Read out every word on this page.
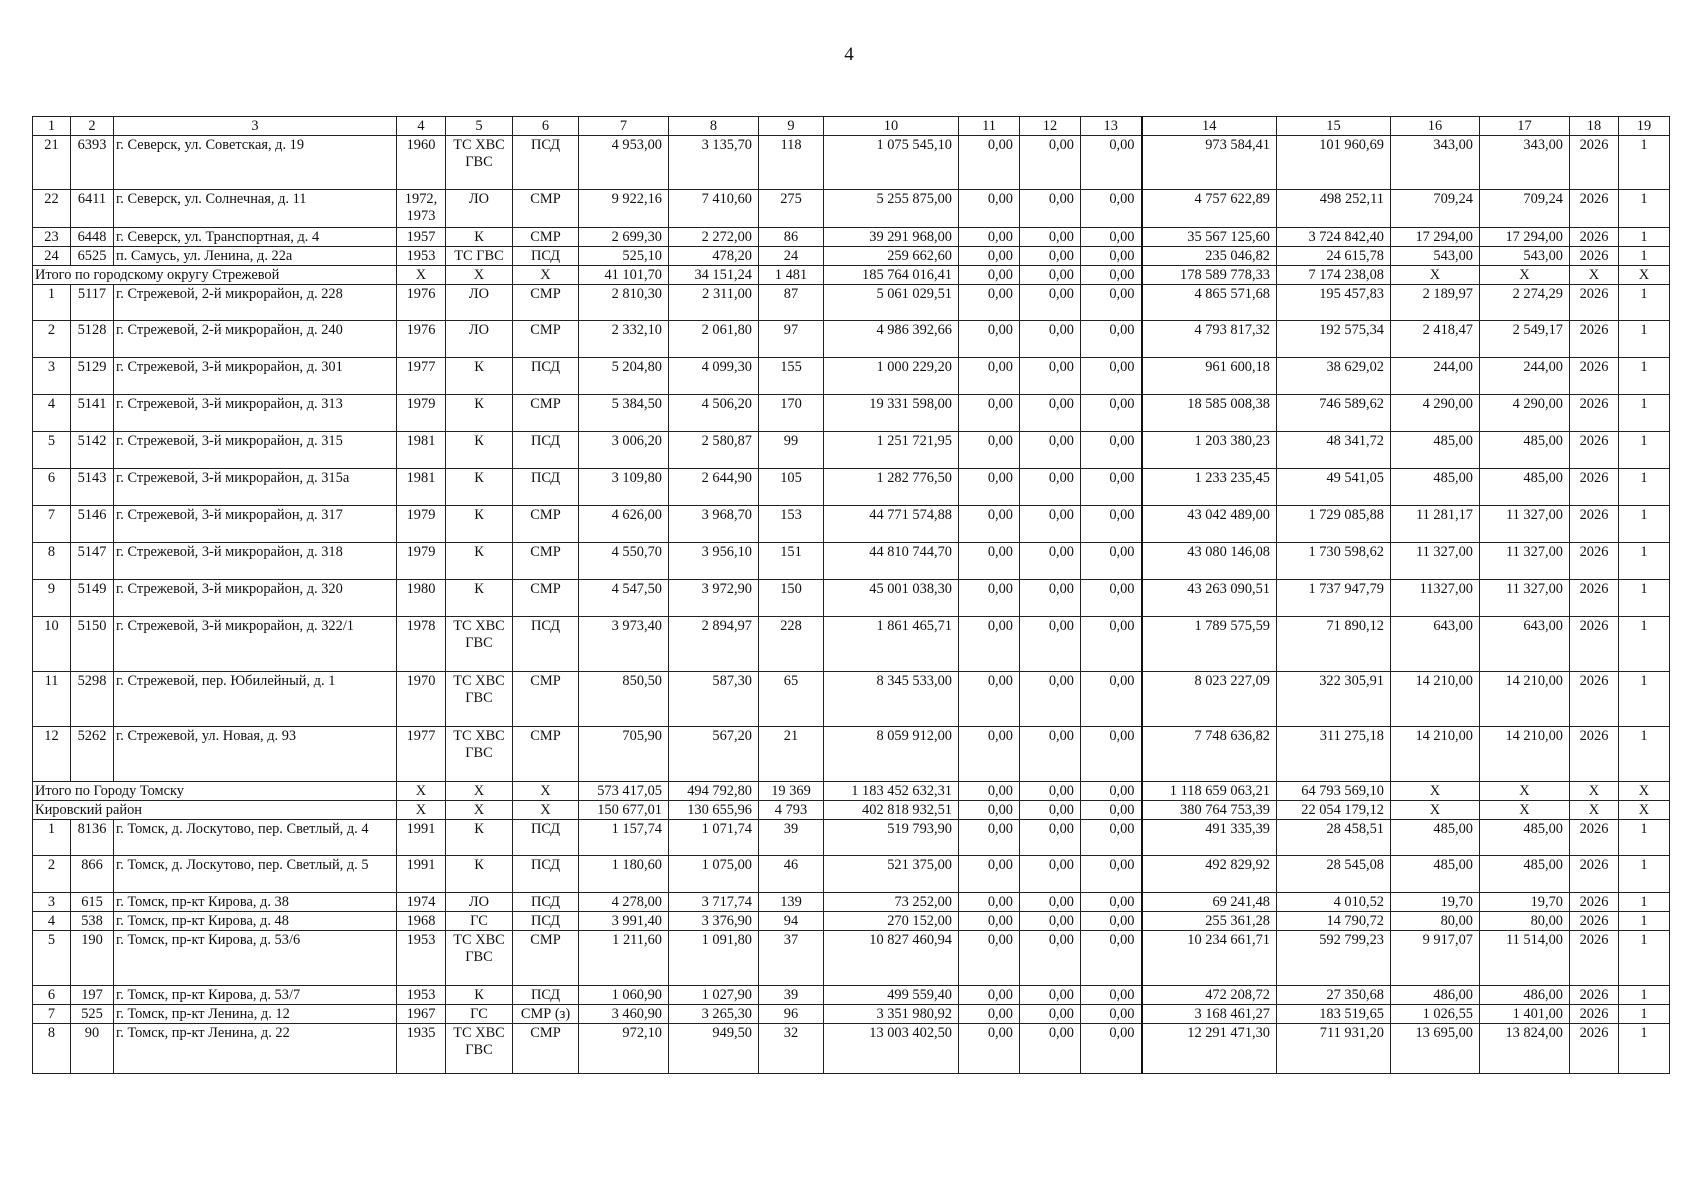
4
1	2	3	4	5	6	7	8	9	10	11	12	13	14	15	16	17	18	19
21	6393	г. Северск, ул. Советская, д. 19	1960	ТС ХВС ГВС	ПСД	4 953,00	3 135,70	118	1 075 545,10	0,00	0,00	0,00	973 584,41	101 960,69	343,00	343,00	2026	1
22	6411	г. Северск, ул. Солнечная, д. 11	1972, 1973	ЛО	СМР	9 922,16	7 410,60	275	5 255 875,00	0,00	0,00	0,00	4 757 622,89	498 252,11	709,24	709,24	2026	1
23	6448	г. Северск, ул. Транспортная, д. 4	1957	К	СМР	2 699,30	2 272,00	86	39 291 968,00	0,00	0,00	0,00	35 567 125,60	3 724 842,40	17 294,00	17 294,00	2026	1
24	6525	п. Самусь, ул. Ленина, д. 22а	1953	ТС ГВС	ПСД	525,10	478,20	24	259 662,60	0,00	0,00	0,00	235 046,82	24 615,78	543,00	543,00	2026	1
Итого по городскому округу Стрежевой			Х	Х	Х	41 101,70	34 151,24	1 481	185 764 016,41	0,00	0,00	0,00	178 589 778,33	7 174 238,08	Х	Х	Х	Х
1	5117	г. Стрежевой, 2-й микрорайон, д. 228	1976	ЛО	СМР	2 810,30	2 311,00	87	5 061 029,51	0,00	0,00	0,00	4 865 571,68	195 457,83	2 189,97	2 274,29	2026	1
2	5128	г. Стрежевой, 2-й микрорайон, д. 240	1976	ЛО	СМР	2 332,10	2 061,80	97	4 986 392,66	0,00	0,00	0,00	4 793 817,32	192 575,34	2 418,47	2 549,17	2026	1
3	5129	г. Стрежевой, 3-й микрорайон, д. 301	1977	К	ПСД	5 204,80	4 099,30	155	1 000 229,20	0,00	0,00	0,00	961 600,18	38 629,02	244,00	244,00	2026	1
4	5141	г. Стрежевой, 3-й микрорайон, д. 313	1979	К	СМР	5 384,50	4 506,20	170	19 331 598,00	0,00	0,00	0,00	18 585 008,38	746 589,62	4 290,00	4 290,00	2026	1
5	5142	г. Стрежевой, 3-й микрорайон, д. 315	1981	К	ПСД	3 006,20	2 580,87	99	1 251 721,95	0,00	0,00	0,00	1 203 380,23	48 341,72	485,00	485,00	2026	1
6	5143	г. Стрежевой, 3-й микрорайон, д. 315а	1981	К	ПСД	3 109,80	2 644,90	105	1 282 776,50	0,00	0,00	0,00	1 233 235,45	49 541,05	485,00	485,00	2026	1
7	5146	г. Стрежевой, 3-й микрорайон, д. 317	1979	К	СМР	4 626,00	3 968,70	153	44 771 574,88	0,00	0,00	0,00	43 042 489,00	1 729 085,88	11 281,17	11 327,00	2026	1
8	5147	г. Стрежевой, 3-й микрорайон, д. 318	1979	К	СМР	4 550,70	3 956,10	151	44 810 744,70	0,00	0,00	0,00	43 080 146,08	1 730 598,62	11 327,00	11 327,00	2026	1
9	5149	г. Стрежевой, 3-й микрорайон, д. 320	1980	К	СМР	4 547,50	3 972,90	150	45 001 038,30	0,00	0,00	0,00	43 263 090,51	1 737 947,79	11327,00	11 327,00	2026	1
10	5150	г. Стрежевой, 3-й микрорайон, д. 322/1	1978	ТС ХВС ГВС	ПСД	3 973,40	2 894,97	228	1 861 465,71	0,00	0,00	0,00	1 789 575,59	71 890,12	643,00	643,00	2026	1
11	5298	г. Стрежевой, пер. Юбилейный, д. 1	1970	ТС ХВС ГВС	СМР	850,50	587,30	65	8 345 533,00	0,00	0,00	0,00	8 023 227,09	322 305,91	14 210,00	14 210,00	2026	1
12	5262	г. Стрежевой, ул. Новая, д. 93	1977	ТС ХВС ГВС	СМР	705,90	567,20	21	8 059 912,00	0,00	0,00	0,00	7 748 636,82	311 275,18	14 210,00	14 210,00	2026	1
Итого по Городу Томску			Х	Х	Х	573 417,05	494 792,80	19 369	1 183 452 632,31	0,00	0,00	0,00	1 118 659 063,21	64 793 569,10	Х	Х	Х	Х
Кировский район			Х	Х	Х	150 677,01	130 655,96	4 793	402 818 932,51	0,00	0,00	0,00	380 764 753,39	22 054 179,12	Х	Х	Х	Х
1	8136	г. Томск, д. Лоскутово, пер. Светлый, д. 4	1991	К	ПСД	1 157,74	1 071,74	39	519 793,90	0,00	0,00	0,00	491 335,39	28 458,51	485,00	485,00	2026	1
2	866	г. Томск, д. Лоскутово, пер. Светлый, д. 5	1991	К	ПСД	1 180,60	1 075,00	46	521 375,00	0,00	0,00	0,00	492 829,92	28 545,08	485,00	485,00	2026	1
3	615	г. Томск, пр-кт Кирова, д. 38	1974	ЛО	ПСД	4 278,00	3 717,74	139	73 252,00	0,00	0,00	0,00	69 241,48	4 010,52	19,70	19,70	2026	1
4	538	г. Томск, пр-кт Кирова, д. 48	1968	ГС	ПСД	3 991,40	3 376,90	94	270 152,00	0,00	0,00	0,00	255 361,28	14 790,72	80,00	80,00	2026	1
5	190	г. Томск, пр-кт Кирова, д. 53/6	1953	ТС ХВС ГВС	СМР	1 211,60	1 091,80	37	10 827 460,94	0,00	0,00	0,00	10 234 661,71	592 799,23	9 917,07	11 514,00	2026	1
6	197	г. Томск, пр-кт Кирова, д. 53/7	1953	К	ПСД	1 060,90	1 027,90	39	499 559,40	0,00	0,00	0,00	472 208,72	27 350,68	486,00	486,00	2026	1
7	525	г. Томск, пр-кт Ленина, д. 12	1967	ГС	СМР (з)	3 460,90	3 265,30	96	3 351 980,92	0,00	0,00	0,00	3 168 461,27	183 519,65	1 026,55	1 401,00	2026	1
8	90	г. Томск, пр-кт Ленина, д. 22	1935	ТС ХВС ГВС	СМР	972,10	949,50	32	13 003 402,50	0,00	0,00	0,00	12 291 471,30	711 931,20	13 695,00	13 824,00	2026	1
